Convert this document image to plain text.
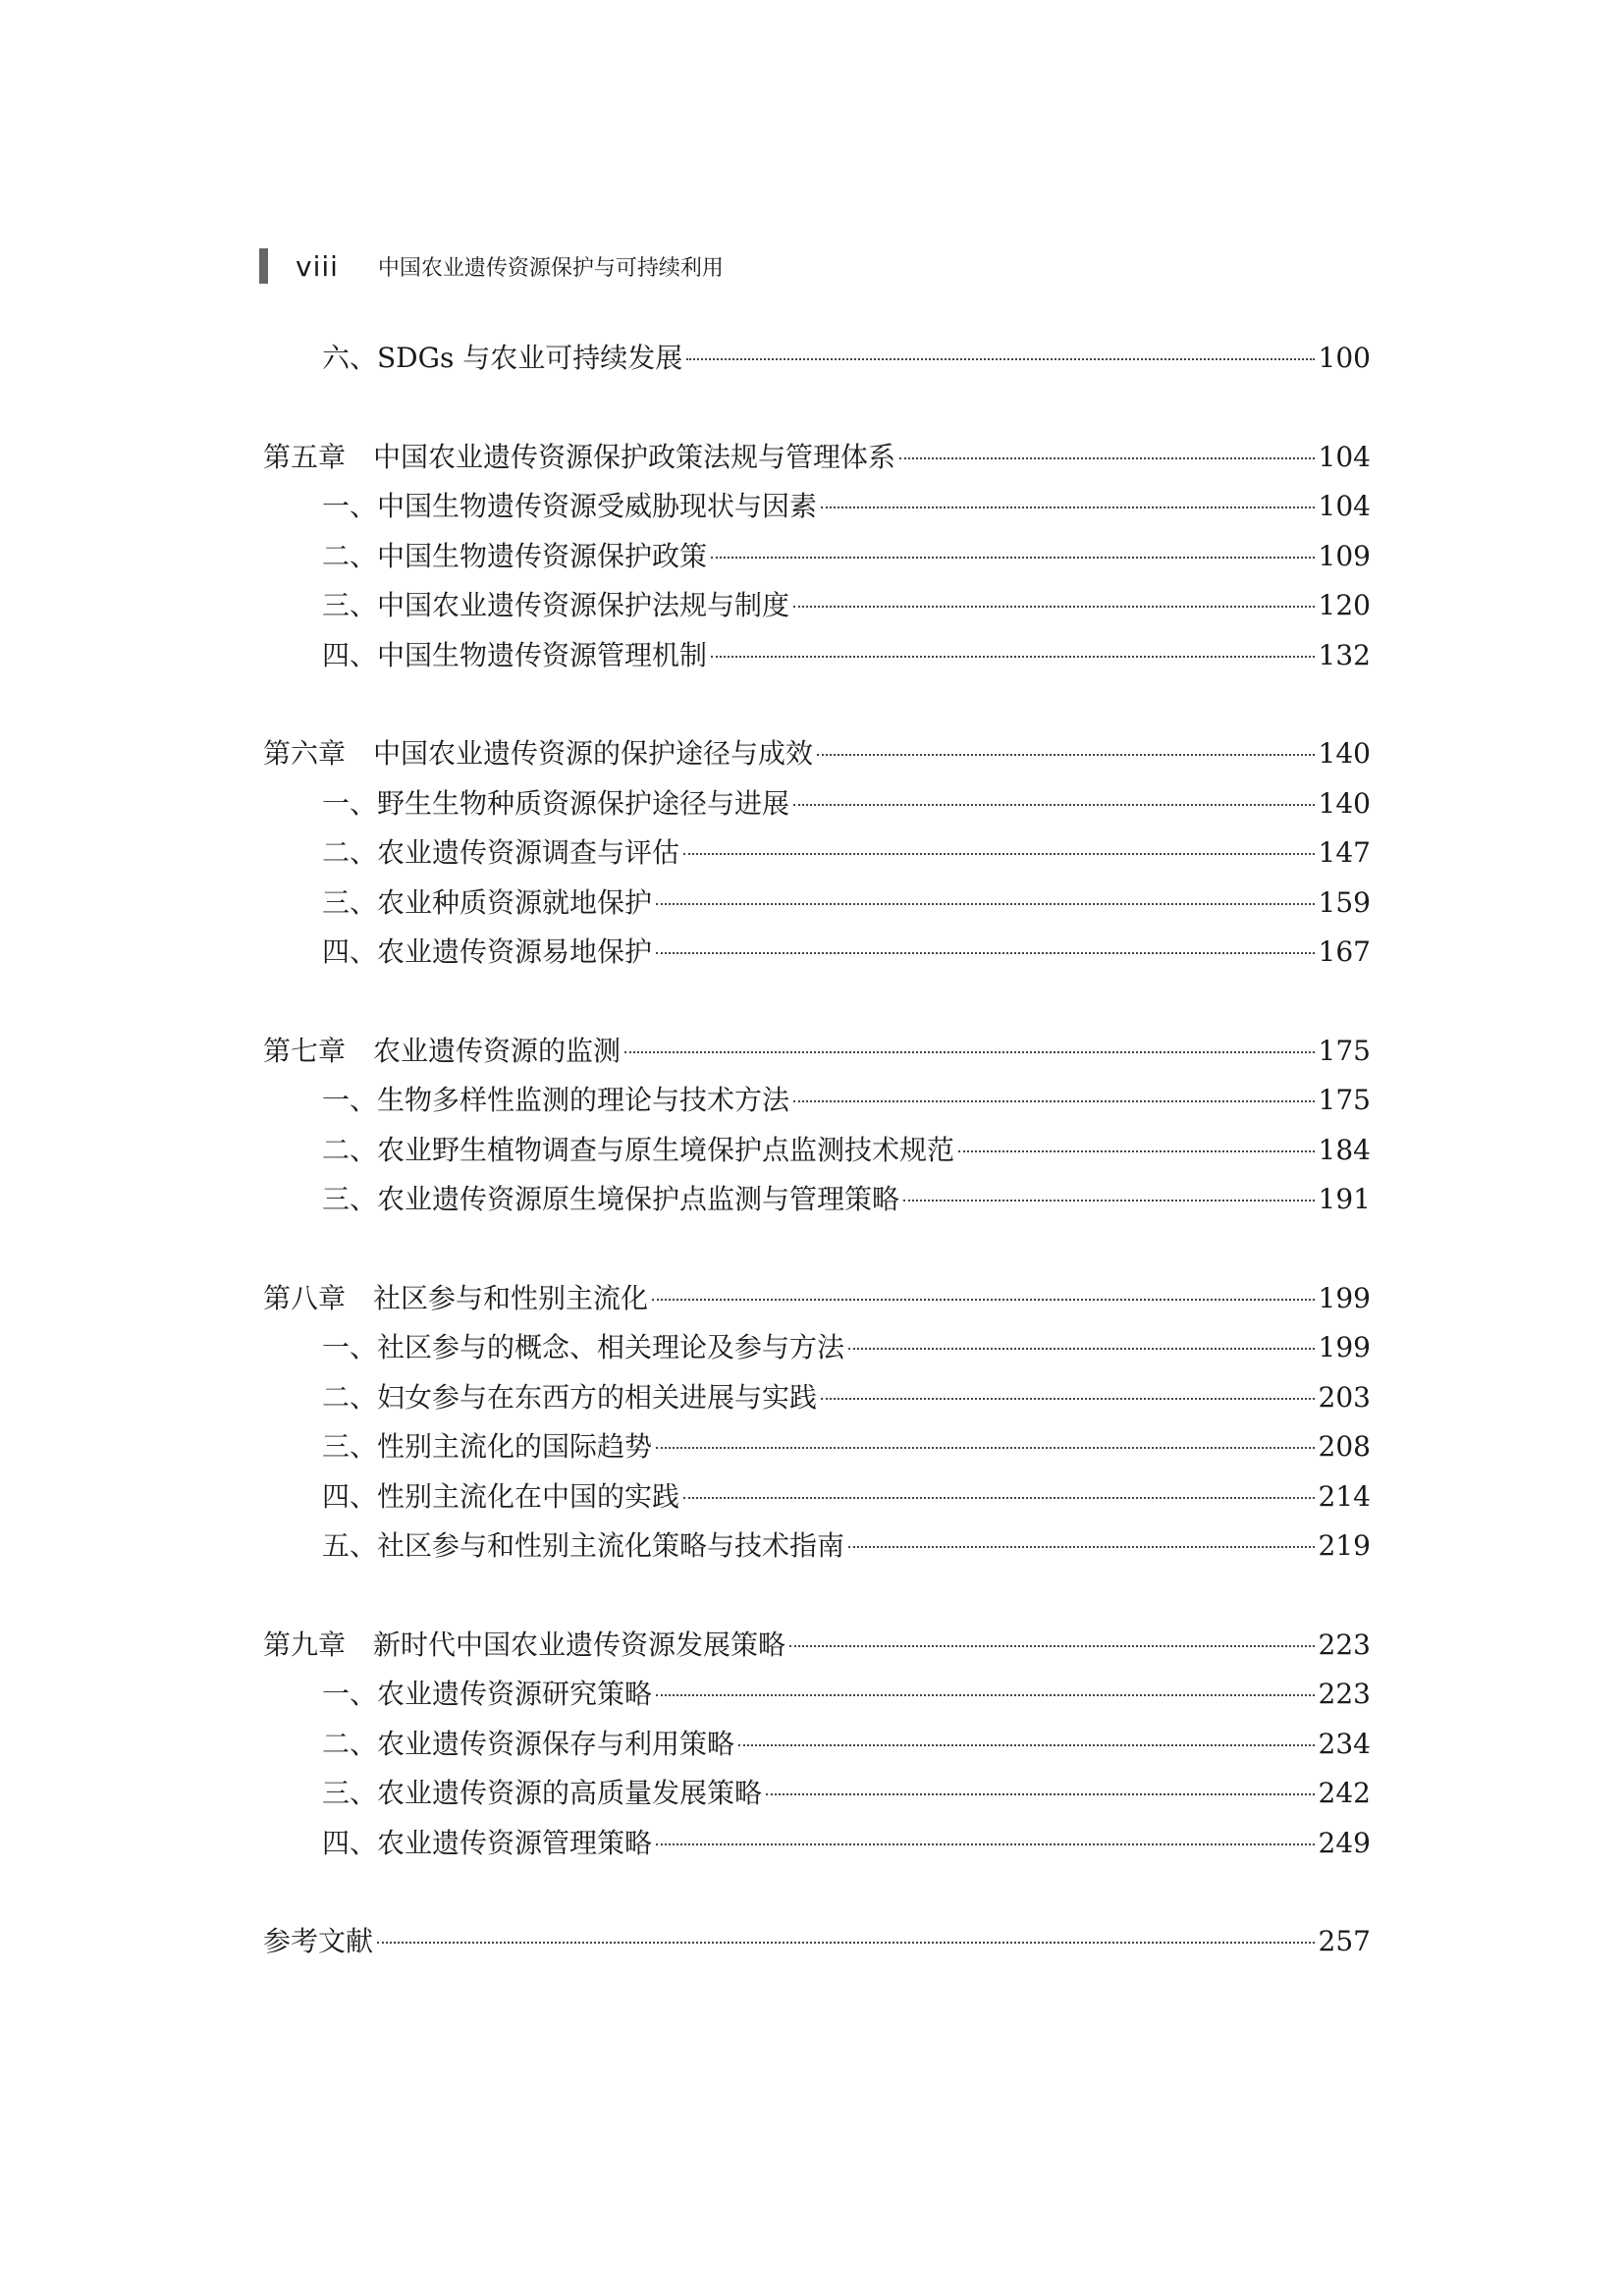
viii 中国农业遗传资源保护与可持续利用
六、SDGs 与农业可持续发展	100
第五章 中国农业遗传资源保护政策法规与管理体系	104
一、中国生物遗传资源受威胁现状与因素	104
二、中国生物遗传资源保护政策	109
三、中国农业遗传资源保护法规与制度	120
四、中国生物遗传资源管理机制	132
第六章 中国农业遗传资源的保护途径与成效	140
一、野生生物种质资源保护途径与进展	140
二、农业遗传资源调查与评估	147
三、农业种质资源就地保护	159
四、农业遗传资源易地保护	167
第七章 农业遗传资源的监测	175
一、生物多样性监测的理论与技术方法	175
二、农业野生植物调查与原生境保护点监测技术规范	184
三、农业遗传资源原生境保护点监测与管理策略	191
第八章 社区参与和性别主流化	199
一、社区参与的概念、相关理论及参与方法	199
二、妇女参与在东西方的相关进展与实践	203
三、性别主流化的国际趋势	208
四、性别主流化在中国的实践	214
五、社区参与和性别主流化策略与技术指南	219
第九章 新时代中国农业遗传资源发展策略	223
一、农业遗传资源研究策略	223
二、农业遗传资源保存与利用策略	234
三、农业遗传资源的高质量发展策略	242
四、农业遗传资源管理策略	249
参考文献	257
